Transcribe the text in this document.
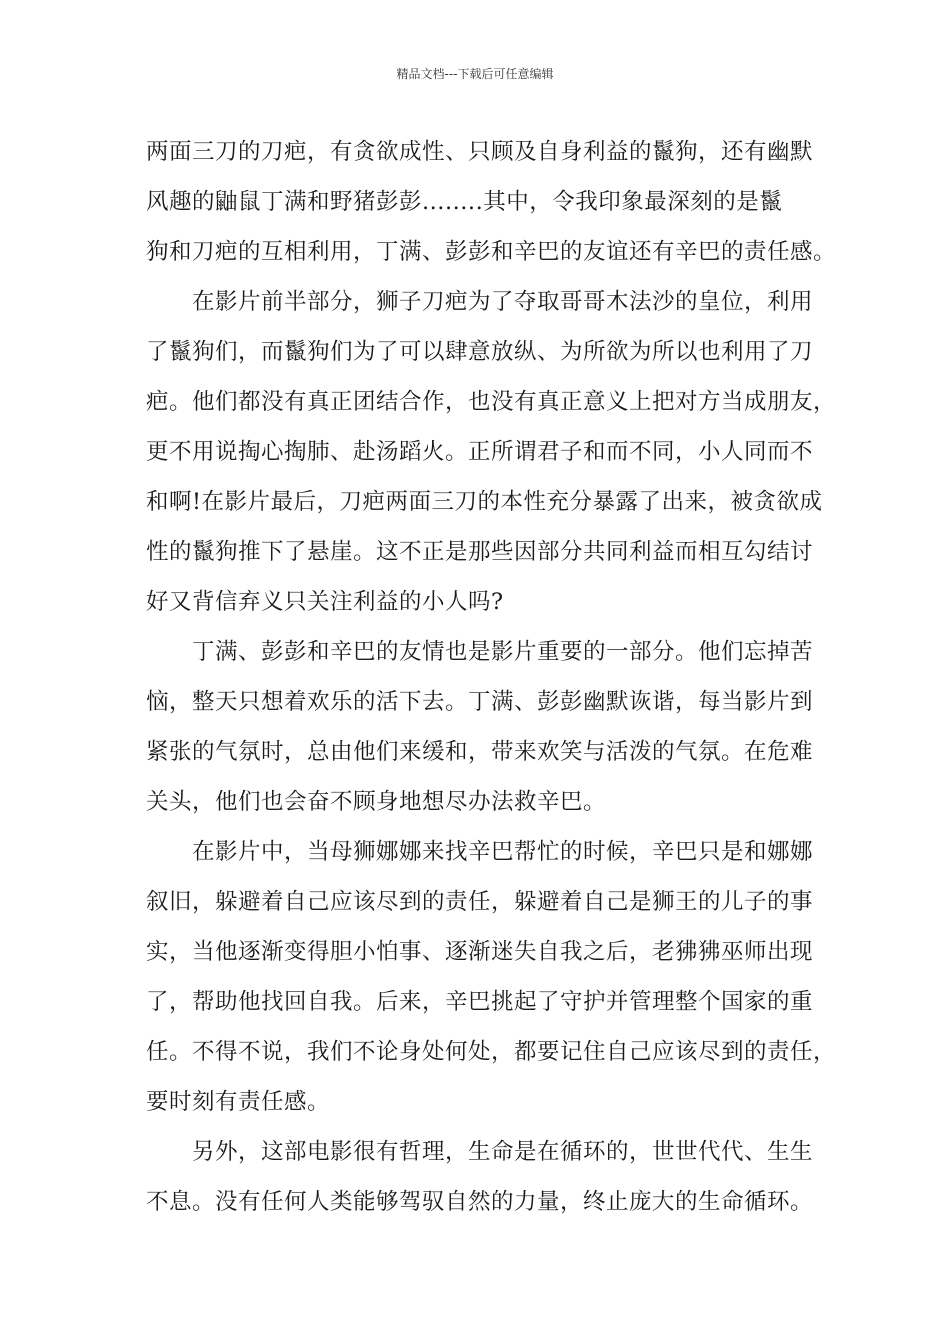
精品文档---下载后可任意编辑
两面三刀的刀疤，有贪欲成性、只顾及自身利益的鬣狗，还有幽默
风趣的鼬鼠丁满和野猪彭彭........其中，令我印象最深刻的是鬣
狗和刀疤的互相利用，丁满、彭彭和辛巴的友谊还有辛巴的责任感。
　　在影片前半部分，狮子刀疤为了夺取哥哥木法沙的皇位，利用
了鬣狗们，而鬣狗们为了可以肆意放纵、为所欲为所以也利用了刀
疤。他们都没有真正团结合作，也没有真正意义上把对方当成朋友，
更不用说掏心掏肺、赴汤蹈火。正所谓君子和而不同，小人同而不
和啊!在影片最后，刀疤两面三刀的本性充分暴露了出来，被贪欲成
性的鬣狗推下了悬崖。这不正是那些因部分共同利益而相互勾结讨
好又背信弃义只关注利益的小人吗?
　　丁满、彭彭和辛巴的友情也是影片重要的一部分。他们忘掉苦
恼，整天只想着欢乐的活下去。丁满、彭彭幽默诙谐，每当影片到
紧张的气氛时，总由他们来缓和，带来欢笑与活泼的气氛。在危难
关头，他们也会奋不顾身地想尽办法救辛巴。
　　在影片中，当母狮娜娜来找辛巴帮忙的时候，辛巴只是和娜娜
叙旧，躲避着自己应该尽到的责任，躲避着自己是狮王的儿子的事
实，当他逐渐变得胆小怕事、逐渐迷失自我之后，老狒狒巫师出现
了，帮助他找回自我。后来，辛巴挑起了守护并管理整个国家的重
任。不得不说，我们不论身处何处，都要记住自己应该尽到的责任，
要时刻有责任感。
　　另外，这部电影很有哲理，生命是在循环的，世世代代、生生
不息。没有任何人类能够驾驭自然的力量，终止庞大的生命循环。
